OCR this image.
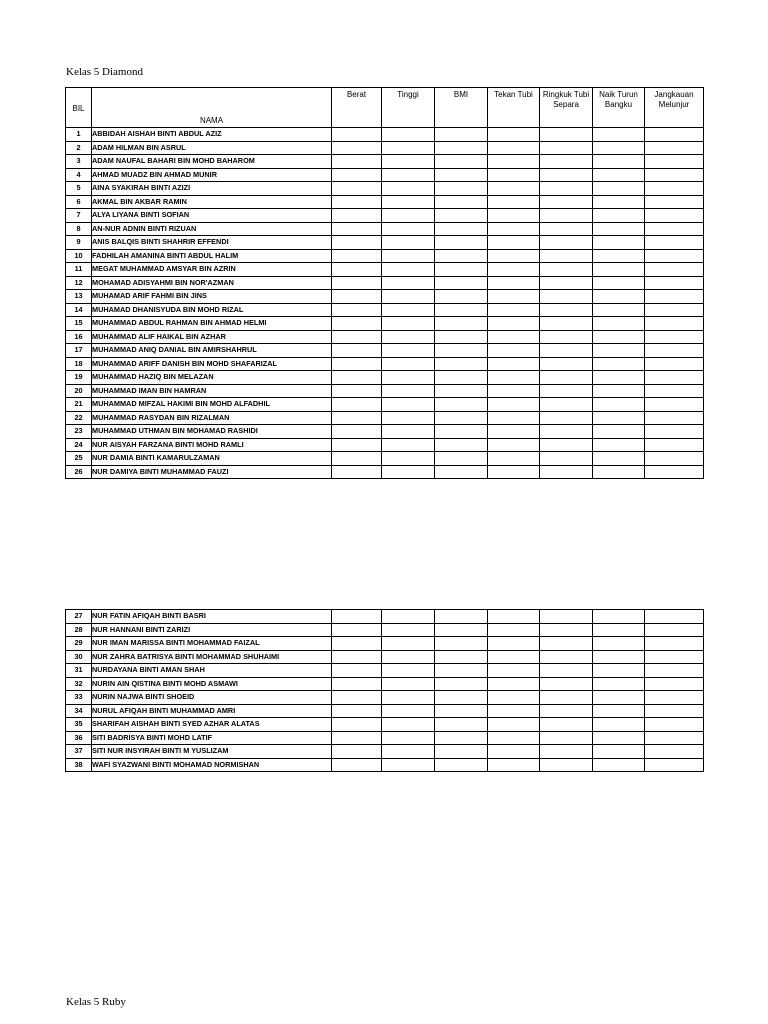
Kelas 5 Diamond
BIL	NAMA	Berat	Tinggi	BMI	Tekan Tubi	Ringkuk Tubi Separa	Naik Turun Bangku	Jangkauan Melunjur
1	ABBIDAH AISHAH BINTI ABDUL AZIZ							
2	ADAM HILMAN BIN ASRUL							
3	ADAM NAUFAL BAHARI BIN MOHD BAHAROM							
4	AHMAD MUADZ BIN AHMAD MUNIR							
5	AINA SYAKIRAH BINTI AZIZI							
6	AKMAL BIN AKBAR RAMIN							
7	ALYA LIYANA BINTI SOFIAN							
8	AN-NUR ADNIN BINTI RIZUAN							
9	ANIS BALQIS BINTI SHAHRIR EFFENDI							
10	FADHILAH AMANINA BINTI ABDUL HALIM							
11	MEGAT MUHAMMAD AMSYAR BIN AZRIN							
12	MOHAMAD ADISYAHMI BIN NOR'AZMAN							
13	MUHAMAD ARIF FAHMI BIN JINS							
14	MUHAMAD DHANISYUDA BIN MOHD RIZAL							
15	MUHAMMAD ABDUL RAHMAN BIN AHMAD HELMI							
16	MUHAMMAD ALIF HAIKAL BIN AZHAR							
17	MUHAMMAD ANIQ DANIAL BIN AMIRSHAHRUL							
18	MUHAMMAD ARIFF DANISH BIN MOHD SHAFARIZAL							
19	MUHAMMAD HAZIQ BIN MELAZAN							
20	MUHAMMAD IMAN BIN HAMRAN							
21	MUHAMMAD MIFZAL HAKIMI BIN MOHD ALFADHIL							
22	MUHAMMAD RASYDAN BIN RIZALMAN							
23	MUHAMMAD UTHMAN BIN MOHAMAD RASHIDI							
24	NUR AISYAH FARZANA BINTI MOHD RAMLI							
25	NUR DAMIA BINTI KAMARULZAMAN							
26	NUR DAMIYA BINTI MUHAMMAD FAUZI							
27	NUR FATIN AFIQAH BINTI BASRI							
28	NUR HANNANI BINTI ZARIZI							
29	NUR IMAN MARISSA BINTI MOHAMMAD FAIZAL							
30	NUR ZAHRA BATRISYA BINTI MOHAMMAD SHUHAIMI							
31	NURDAYANA BINTI AMAN SHAH							
32	NURIN AIN QISTINA BINTI MOHD ASMAWI							
33	NURIN NAJWA BINTI SHOEID							
34	NURUL AFIQAH BINTI MUHAMMAD AMRI							
35	SHARIFAH AISHAH BINTI SYED AZHAR ALATAS							
36	SITI BADRISYA BINTI MOHD LATIF							
37	SITI NUR INSYIRAH BINTI M YUSLIZAM							
38	WAFI SYAZWANI BINTI MOHAMAD NORMISHAN							
Kelas 5 Ruby
